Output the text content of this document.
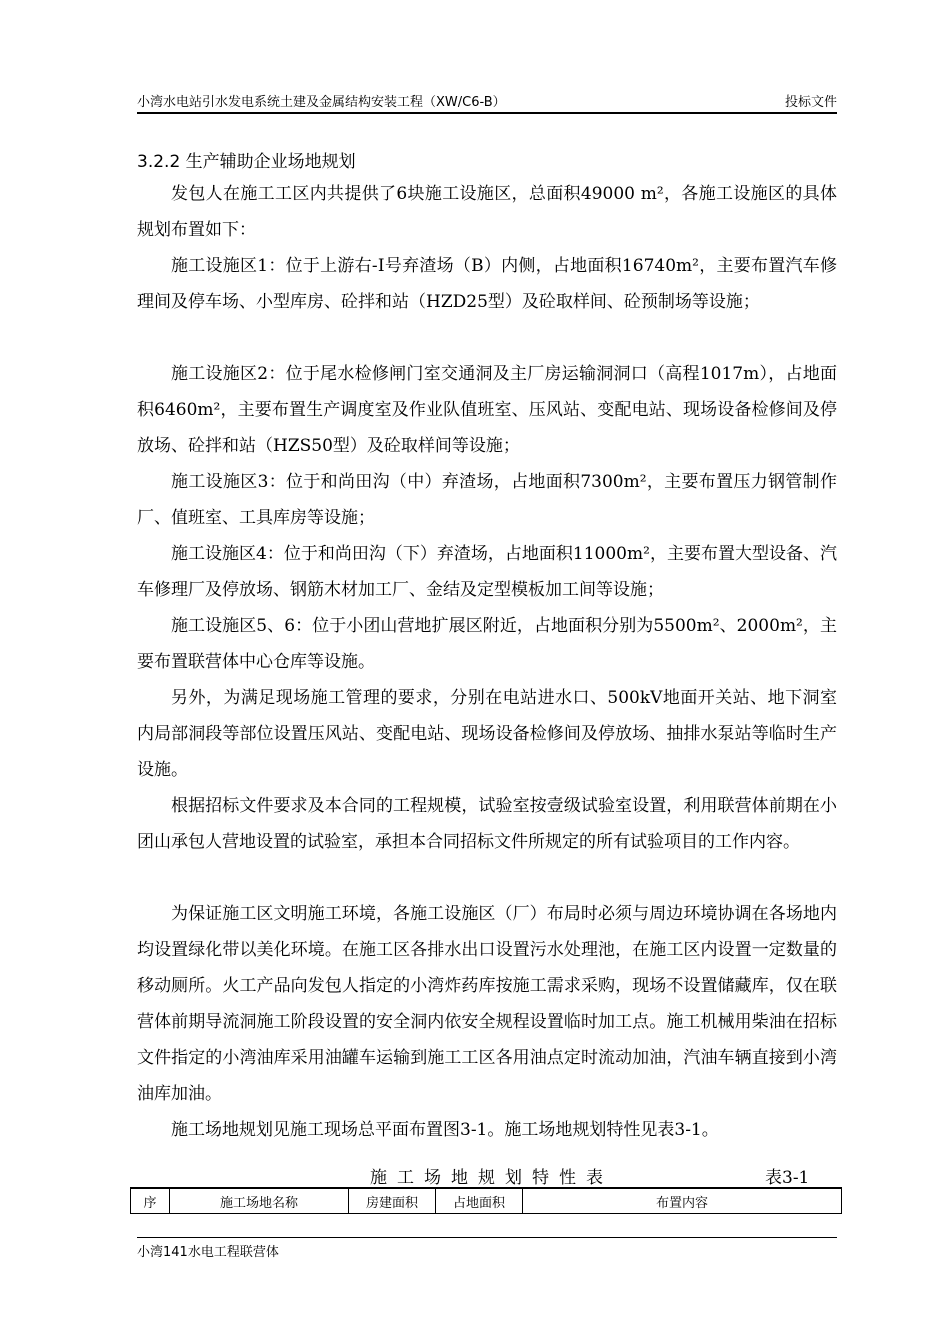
小湾水电站引水发电系统土建及金属结构安装工程（XW/C6-B）	投标文件
3.2.2 生产辅助企业场地规划

发包人在施工工区内共提供了6块施工设施区，总面积49000 m²，各施工设施区的具体规划布置如下：

施工设施区1：位于上游右-Ⅰ号弃渣场（B）内侧，占地面积16740m²，主要布置汽车修理间及停车场、小型库房、砼拌和站（HZD25型）及砼取样间、砼预制场等设施；

施工设施区2：位于尾水检修闸门室交通洞及主厂房运输洞洞口（高程1017m），占地面积6460m²，主要布置生产调度室及作业队值班室、压风站、变配电站、现场设备检修间及停放场、砼拌和站（HZS50型）及砼取样间等设施；

施工设施区3：位于和尚田沟（中）弃渣场，占地面积7300m²，主要布置压力钢管制作厂、值班室、工具库房等设施；

施工设施区4：位于和尚田沟（下）弃渣场，占地面积11000m²，主要布置大型设备、汽车修理厂及停放场、钢筋木材加工厂、金结及定型模板加工间等设施；

施工设施区5、6：位于小团山营地扩展区附近，占地面积分别为5500m²、2000m²，主要布置联营体中心仓库等设施。

另外，为满足现场施工管理的要求，分别在电站进水口、500kV地面开关站、地下洞室内局部洞段等部位设置压风站、变配电站、现场设备检修间及停放场、抽排水泵站等临时生产设施。

根据招标文件要求及本合同的工程规模，试验室按壹级试验室设置，利用联营体前期在小团山承包人营地设置的试验室，承担本合同招标文件所规定的所有试验项目的工作内容。

为保证施工区文明施工环境，各施工设施区（厂）布局时必须与周边环境协调在各场地内均设置绿化带以美化环境。在施工区各排水出口设置污水处理池，在施工区内设置一定数量的移动厕所。火工产品向发包人指定的小湾炸药库按施工需求采购，现场不设置储藏库，仅在联营体前期导流洞施工阶段设置的安全洞内依安全规程设置临时加工点。施工机械用柴油在招标文件指定的小湾油库采用油罐车运输到施工工区各用油点定时流动加油，汽油车辆直接到小湾油库加油。

施工场地规划见施工现场总平面布置图3-1。施工场地规划特性见表3-1。

施工场地规划特性表	表3-1
序	施工场地名称	房建面积	占地面积	布置内容
小湾141水电工程联营体
